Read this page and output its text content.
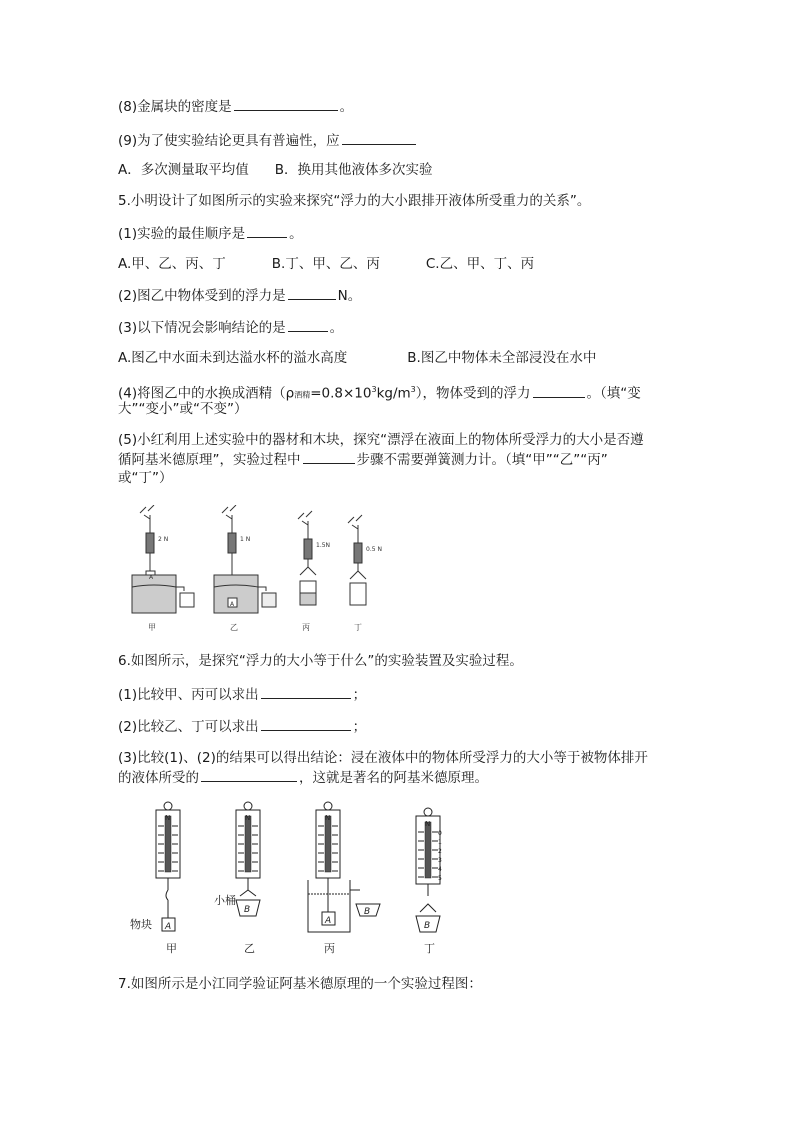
(8)金属块的密度是	。
(9)为了使实验结论更具有普遍性，应
A．多次测量取平均值 B．换用其他液体多次实验
5.小明设计了如图所示的实验来探究“浮力的大小跟排开液体所受重力的关系”。
(1)实验的最佳顺序是	。
A.甲、乙、丙、丁	B.丁、甲、乙、丙	C.乙、甲、丁、丙
(2)图乙中物体受到的浮力是	N。
(3)以下情况会影响结论的是	。
A.图乙中水面未到达溢水杯的溢水高度	B.图乙中物体未全部浸没在水中
(4)将图乙中的水换成酒精（ρ酒精$=0.8\times 10^3kg/m^3$），物体受到的浮力	。（填“变
大”“变小”或“不变”）
(5)小红利用上述实验中的器材和木块，探究“漂浮在液面上的物体所受浮力的大小是否遵
循阿基米德原理”，实验过程中	步骤不需要弹簧测力计。（填“甲”“乙”“丙”
或“丁”）
A
2 N
甲
A
1 N
乙
1.5N
丙
0.5 N
丁
6.如图所示，是探究“浮力的大小等于什么”的实验装置及实验过程。
(1)比较甲、丙可以求出	；
(2)比较乙、丁可以求出	；
(3)比较(1)、(2)的结果可以得出结论：浸在液体中的物体所受浮力的大小等于被物体排开
的液体所受的	，这就是著名的阿基米德原理。
N	N	N
N
0
1
2
3
4
5
A
物块
B
小桶
A
B
B
甲	乙	丙	丁
7.如图所示是小江同学验证阿基米德原理的一个实验过程图：
